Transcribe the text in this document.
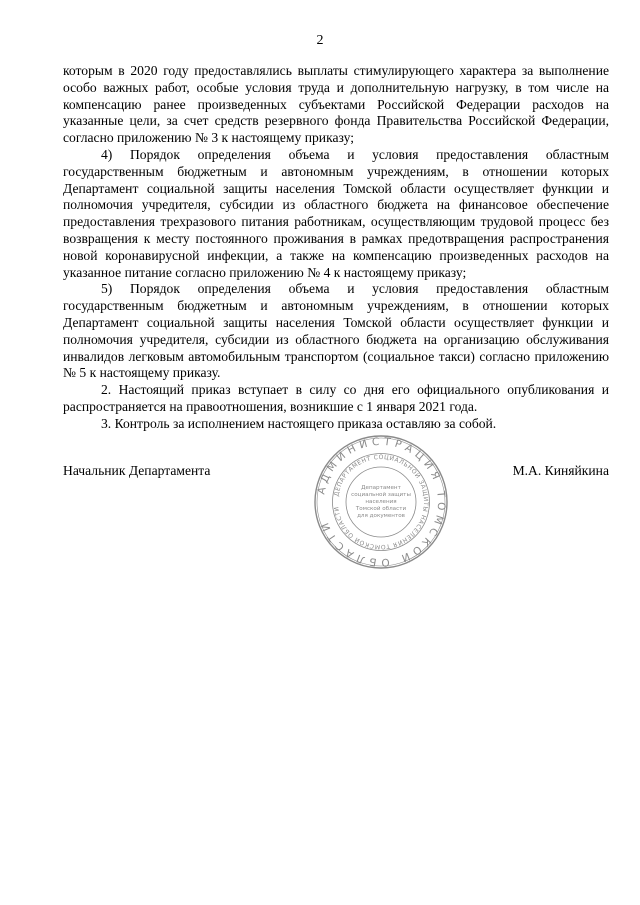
2

которым в 2020 году предоставлялись выплаты стимулирующего характера за выполнение особо важных работ, особые условия труда и дополнительную нагрузку, в том числе на компенсацию ранее произведенных субъектами Российской Федерации расходов на указанные цели, за счет средств резервного фонда Правительства Российской Федерации, согласно приложению № 3 к настоящему приказу;

4) Порядок определения объема и условия предоставления областным государственным бюджетным и автономным учреждениям, в отношении которых Департамент социальной защиты населения Томской области осуществляет функции и полномочия учредителя, субсидии из областного бюджета на финансовое обеспечение предоставления трехразового питания работникам, осуществляющим трудовой процесс без возвращения к месту постоянного проживания в рамках предотвращения распространения новой коронавирусной инфекции, а также на компенсацию произведенных расходов на указанное питание согласно приложению № 4 к настоящему приказу;

5) Порядок определения объема и условия предоставления областным государственным бюджетным и автономным учреждениям, в отношении которых Департамент социальной защиты населения Томской области осуществляет функции и полномочия учредителя, субсидии из областного бюджета на организацию обслуживания инвалидов легковым автомобильным транспортом (социальное такси) согласно приложению № 5 к настоящему приказу.

2. Настоящий приказ вступает в силу со дня его официального опубликования и распространяется на правоотношения, возникшие с 1 января 2021 года.

3. Контроль за исполнением настоящего приказа оставляю за собой.

Начальник Департамента	М.А. Киняйкина
АДМИНИСТРАЦИЯ ТОМСКОЙ ОБЛАСТИ
ДЕПАРТАМЕНТ СОЦИАЛЬНОЙ ЗАЩИТЫ НАСЕЛЕНИЯ ТОМСКОЙ ОБЛАСТИ
Департамент
социальной защиты
населения
Томской области
для документов
